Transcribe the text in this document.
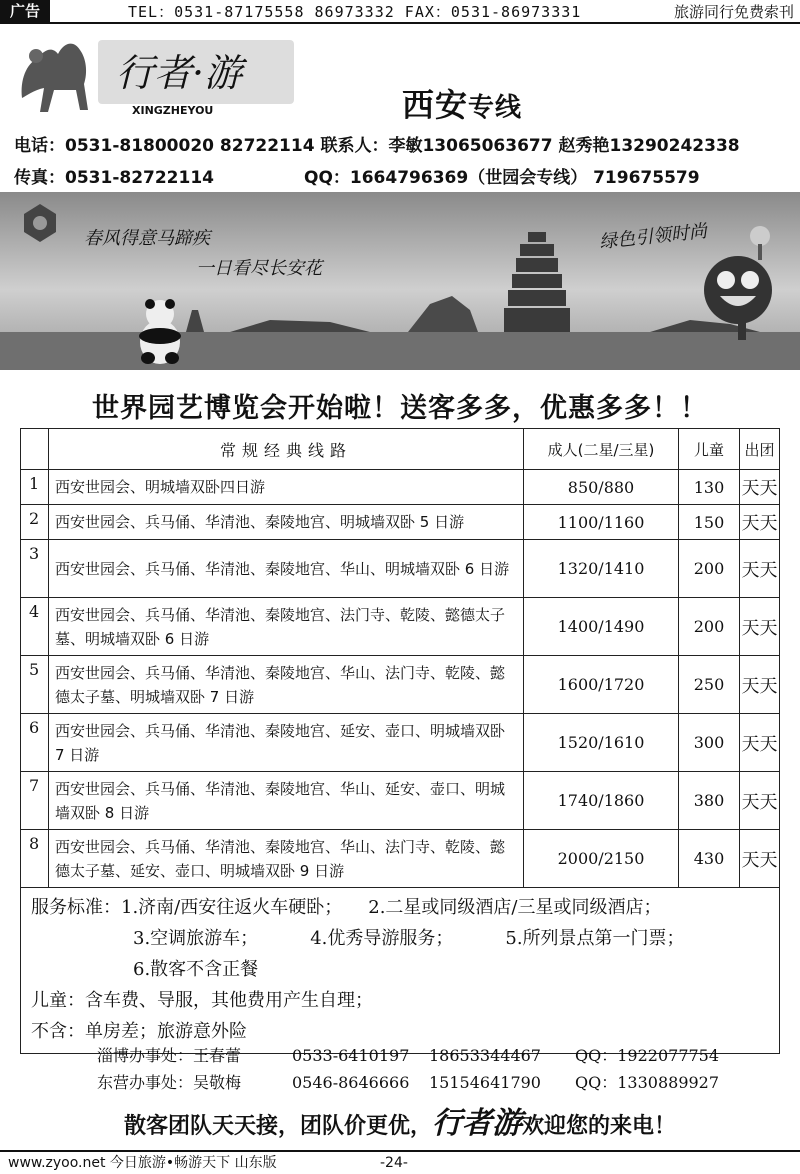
广告	TEL：0531-87175558 86973332 FAX：0531-86973331	旅游同行免费索刊
行者·游
XINGZHEYOU	西安专线
电话：0531-81800020 82722114 联系人：李敏13065063677 赵秀艳13290242338
传真：0531-82722114	QQ：1664796369（世园会专线） 719675579
春风得意马蹄疾
一日看尽长安花
绿色引领时尚
世界园艺博览会开始啦！送客多多，优惠多多！！
	常规经典线路	成人(二星/三星)	儿童	出团
1	西安世园会、明城墙双卧四日游	850/880	130	天天
2	西安世园会、兵马俑、华清池、秦陵地宫、明城墙双卧 5 日游	1100/1160	150	天天
3	西安世园会、兵马俑、华清池、秦陵地宫、华山、明城墙双卧 6 日游	1320/1410	200	天天
4	西安世园会、兵马俑、华清池、秦陵地宫、法门寺、乾陵、懿德太子墓、明城墙双卧 6 日游	1400/1490	200	天天
5	西安世园会、兵马俑、华清池、秦陵地宫、华山、法门寺、乾陵、懿德太子墓、明城墙双卧 7 日游	1600/1720	250	天天
6	西安世园会、兵马俑、华清池、秦陵地宫、延安、壶口、明城墙双卧 7 日游	1520/1610	300	天天
7	西安世园会、兵马俑、华清池、秦陵地宫、华山、延安、壶口、明城墙双卧 8 日游	1740/1860	380	天天
8	西安世园会、兵马俑、华清池、秦陵地宫、华山、法门寺、乾陵、懿德太子墓、延安、壶口、明城墙双卧 9 日游	2000/2150	430	天天

服务标准：1.济南/西安往返火车硬卧； 2.二星或同级酒店/三星或同级酒店；
3.空调旅游车； 4.优秀导游服务； 5.所列景点第一门票；
6.散客不含正餐
儿童：含车费、导服，其他费用产生自理；
不含：单房差；旅游意外险				
淄博办事处：王春蕾	0533-6410197 18653344467 QQ：1922077754
东营办事处：吴敬梅	0546-8646666 15154641790 QQ：1330889927
散客团队天天接，团队价更优，行者游欢迎您的来电！
www.zyoo.net 今日旅游•畅游天下 山东版	-24-
